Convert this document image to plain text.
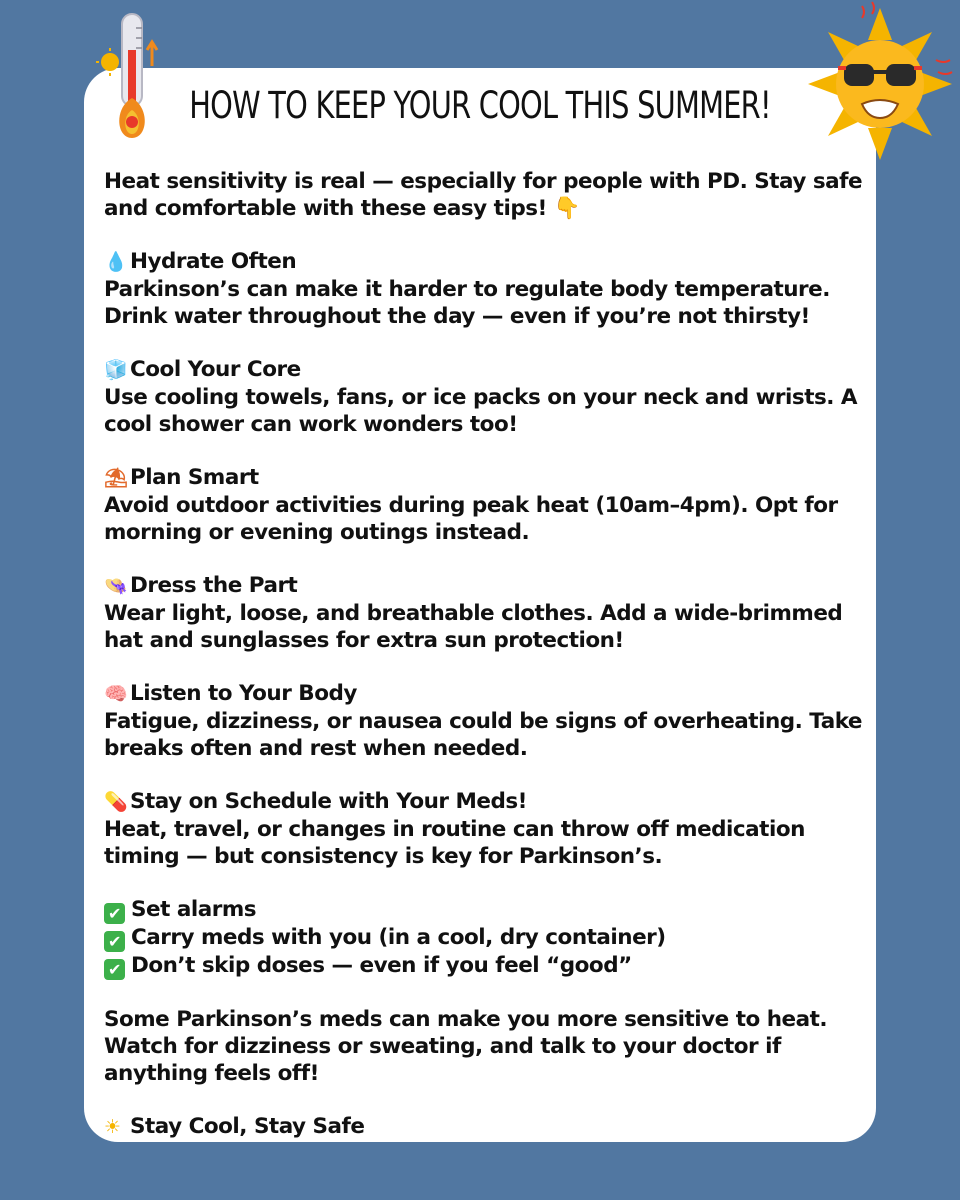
HOW TO KEEP YOUR COOL THIS SUMMER!

Heat sensitivity is real — especially for people with PD. Stay safe and comfortable with these easy tips! 👇

💧 Hydrate Often
Parkinson’s can make it harder to regulate body temperature. Drink water throughout the day — even if you’re not thirsty!
🧊 Cool Your Core
Use cooling towels, fans, or ice packs on your neck and wrists. A cool shower can work wonders too!
⛱ Plan Smart
Avoid outdoor activities during peak heat (10am–4pm). Opt for morning or evening outings instead.
👒 Dress the Part
Wear light, loose, and breathable clothes. Add a wide-brimmed hat and sunglasses for extra sun protection!
🧠 Listen to Your Body
Fatigue, dizziness, or nausea could be signs of overheating. Take breaks often and rest when needed.
💊 Stay on Schedule with Your Meds!
Heat, travel, or changes in routine can throw off medication timing — but consistency is key for Parkinson’s.
✔ Set alarms
✔ Carry meds with you (in a cool, dry container)
✔ Don’t skip doses — even if you feel “good”

Some Parkinson’s meds can make you more sensitive to heat. Watch for dizziness or sweating, and talk to your doctor if anything feels off!

☀ Stay Cool, Stay Safe
